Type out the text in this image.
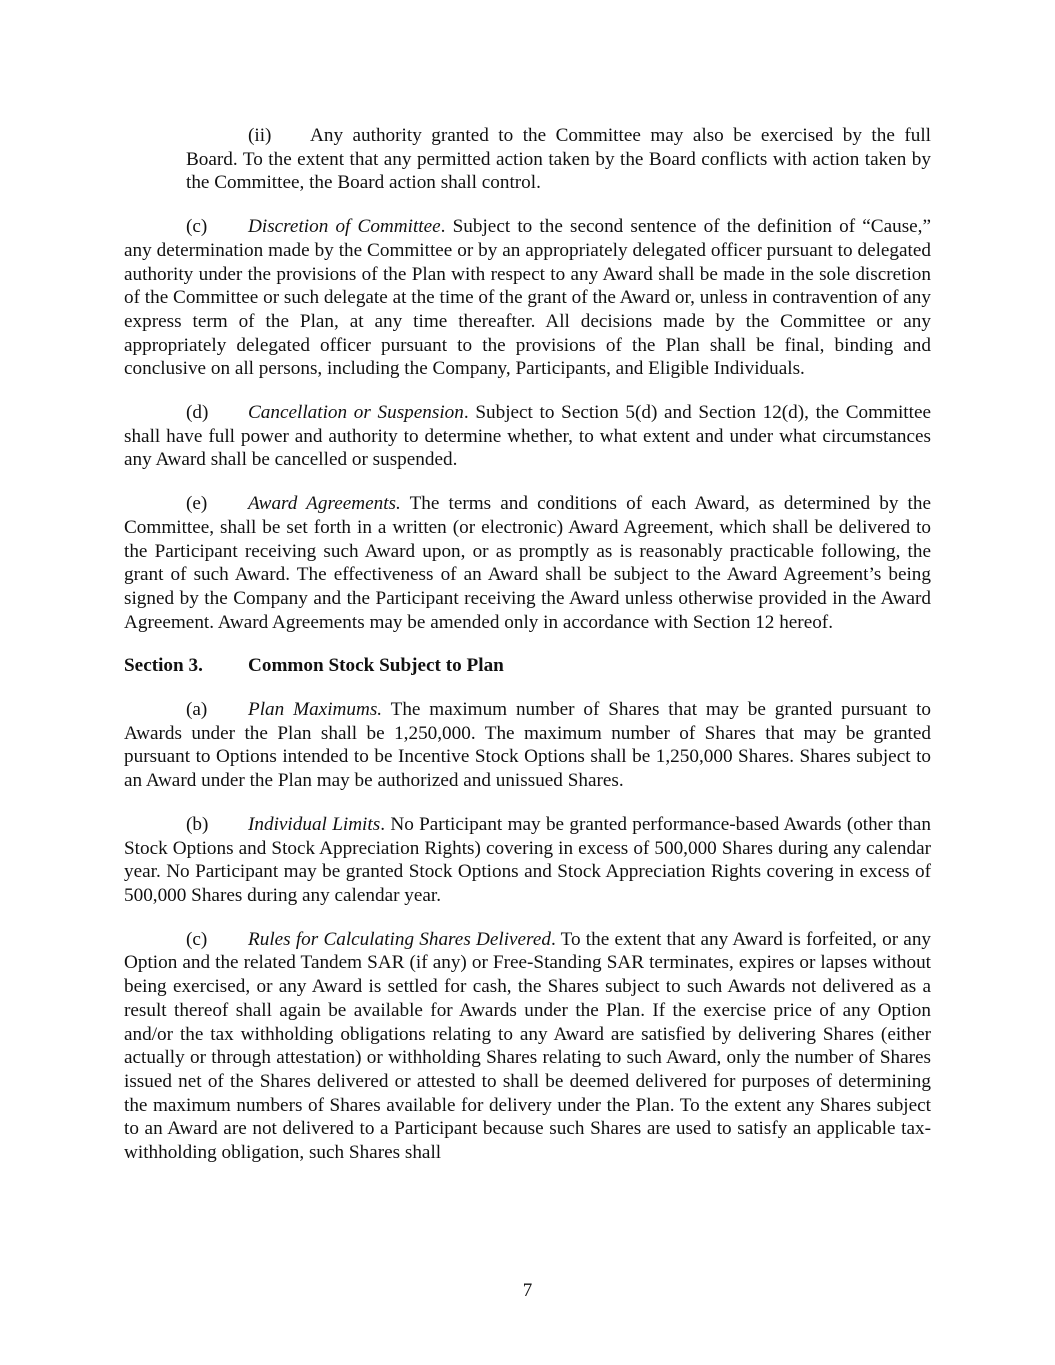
(ii) Any authority granted to the Committee may also be exercised by the full Board. To the extent that any permitted action taken by the Board conflicts with action taken by the Committee, the Board action shall control.

(c) Discretion of Committee. Subject to the second sentence of the definition of “Cause,” any determination made by the Committee or by an appropriately delegated officer pursuant to delegated authority under the provisions of the Plan with respect to any Award shall be made in the sole discretion of the Committee or such delegate at the time of the grant of the Award or, unless in contravention of any express term of the Plan, at any time thereafter. All decisions made by the Committee or any appropriately delegated officer pursuant to the provisions of the Plan shall be final, binding and conclusive on all persons, including the Company, Participants, and Eligible Individuals.

(d) Cancellation or Suspension. Subject to Section 5(d) and Section 12(d), the Committee shall have full power and authority to determine whether, to what extent and under what circumstances any Award shall be cancelled or suspended.

(e) Award Agreements. The terms and conditions of each Award, as determined by the Committee, shall be set forth in a written (or electronic) Award Agreement, which shall be delivered to the Participant receiving such Award upon, or as promptly as is reasonably practicable following, the grant of such Award. The effectiveness of an Award shall be subject to the Award Agreement’s being signed by the Company and the Participant receiving the Award unless otherwise provided in the Award Agreement. Award Agreements may be amended only in accordance with Section 12 hereof.

Section 3. Common Stock Subject to Plan

(a) Plan Maximums. The maximum number of Shares that may be granted pursuant to Awards under the Plan shall be 1,250,000. The maximum number of Shares that may be granted pursuant to Options intended to be Incentive Stock Options shall be 1,250,000 Shares. Shares subject to an Award under the Plan may be authorized and unissued Shares.

(b) Individual Limits. No Participant may be granted performance-based Awards (other than Stock Options and Stock Appreciation Rights) covering in excess of 500,000 Shares during any calendar year. No Participant may be granted Stock Options and Stock Appreciation Rights covering in excess of 500,000 Shares during any calendar year.

(c) Rules for Calculating Shares Delivered. To the extent that any Award is forfeited, or any Option and the related Tandem SAR (if any) or Free-Standing SAR terminates, expires or lapses without being exercised, or any Award is settled for cash, the Shares subject to such Awards not delivered as a result thereof shall again be available for Awards under the Plan. If the exercise price of any Option and/or the tax withholding obligations relating to any Award are satisfied by delivering Shares (either actually or through attestation) or withholding Shares relating to such Award, only the number of Shares issued net of the Shares delivered or attested to shall be deemed delivered for purposes of determining the maximum numbers of Shares available for delivery under the Plan. To the extent any Shares subject to an Award are not delivered to a Participant because such Shares are used to satisfy an applicable tax-withholding obligation, such Shares shall

7
